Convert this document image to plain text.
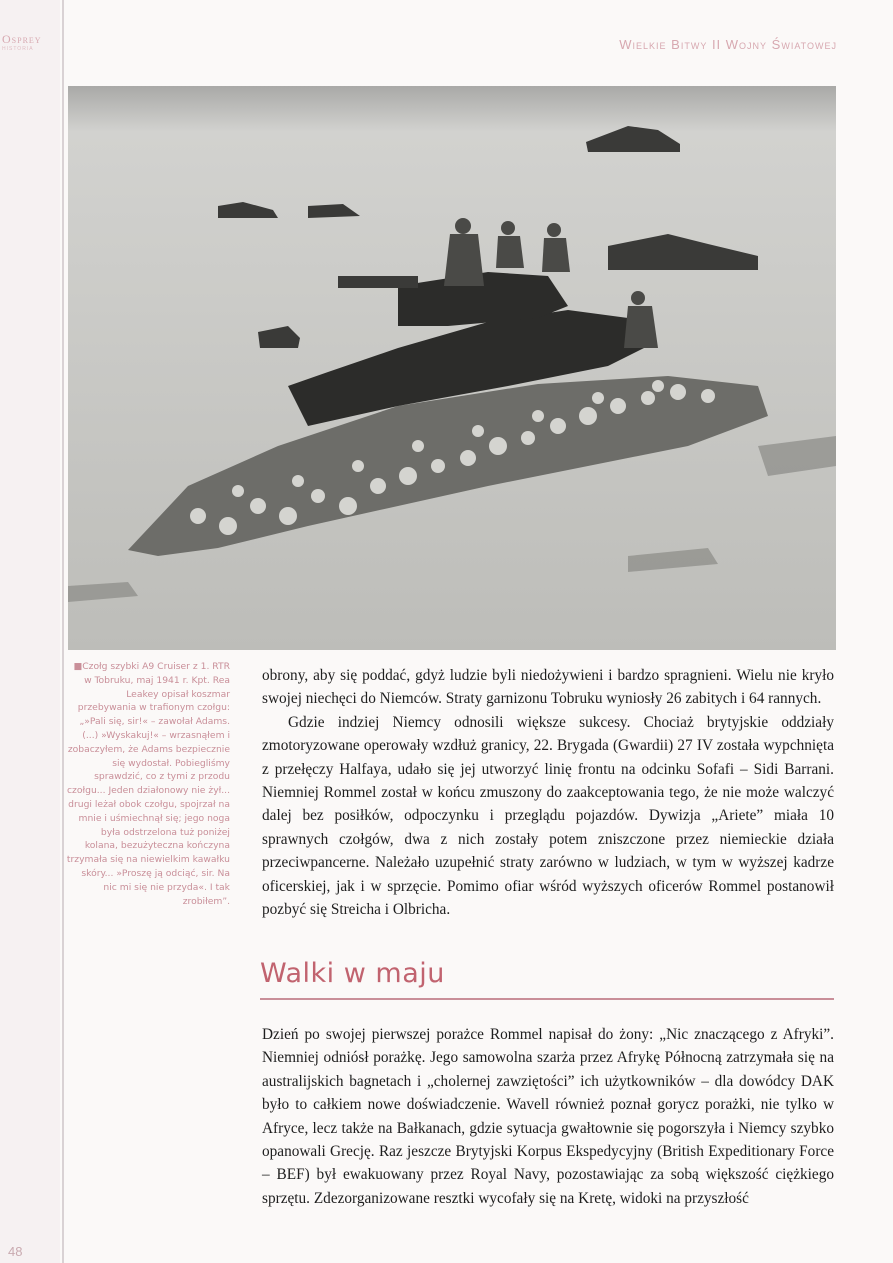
Osprey
HISTORIA	Wielkie Bitwy II Wojny Światowej
■Czołg szybki A9 Cruiser z 1. RTR w Tobruku, maj 1941 r. Kpt. Rea Leakey opisał koszmar przebywania w trafionym czołgu: „»Pali się, sir!« – zawołał Adams. (...) »Wyskakuj!« – wrzasnąłem i zobaczyłem, że Adams bezpiecznie się wydostał. Pobiegliśmy sprawdzić, co z tymi z przodu czołgu... Jeden działonowy nie żył... drugi leżał obok czołgu, spojrzał na mnie i uśmiechnął się; jego noga była odstrzelona tuż poniżej kolana, bezużyteczna kończyna trzymała się na niewielkim kawałku skóry... »Proszę ją odciąć, sir. Na nic mi się nie przyda«. I tak zrobiłem”.

obrony, aby się poddać, gdyż ludzie byli niedożywieni i bardzo spragnieni. Wielu nie kryło swojej niechęci do Niemców. Straty garnizonu Tobruku wyniosły 26 zabitych i 64 rannych.

Gdzie indziej Niemcy odnosili większe sukcesy. Chociaż brytyjskie oddziały zmotoryzowane operowały wzdłuż granicy, 22. Brygada (Gwardii) 27 IV została wypchnięta z przełęczy Halfaya, udało się jej utworzyć linię frontu na odcinku Sofafi – Sidi Barrani. Niemniej Rommel został w końcu zmuszony do zaakceptowania tego, że nie może walczyć dalej bez posiłków, odpoczynku i przeglądu pojazdów. Dywizja „Ariete” miała 10 sprawnych czołgów, dwa z nich zostały potem zniszczone przez niemieckie działa przeciwpancerne. Należało uzupełnić straty zarówno w ludziach, w tym w wyższej kadrze oficerskiej, jak i w sprzęcie. Pomimo ofiar wśród wyższych oficerów Rommel postanowił pozbyć się Streicha i Olbricha.

Walki w maju

Dzień po swojej pierwszej porażce Rommel napisał do żony: „Nic znaczącego z Afryki”. Niemniej odniósł porażkę. Jego samowolna szarża przez Afrykę Północną zatrzymała się na australijskich bagnetach i „cholernej zawziętości” ich użytkowników – dla dowódcy DAK było to całkiem nowe doświadczenie. Wavell również poznał gorycz porażki, nie tylko w Afryce, lecz także na Bałkanach, gdzie sytuacja gwałtownie się pogorszyła i Niemcy szybko opanowali Grecję. Raz jeszcze Brytyjski Korpus Ekspedycyjny (British Expeditionary Force – BEF) był ewakuowany przez Royal Navy, pozostawiając za sobą większość ciężkiego sprzętu. Zdezorganizowane resztki wycofały się na Kretę, widoki na przyszłość

48
